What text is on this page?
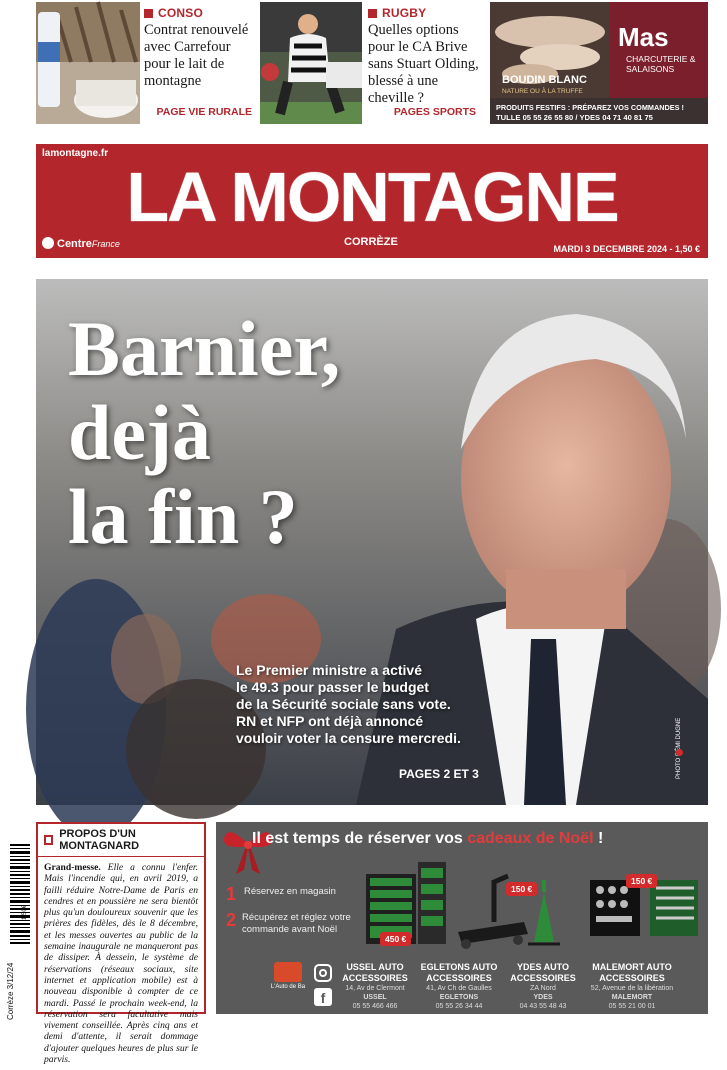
CONSO
Contrat renouvelé avec Carrefour pour le lait de montagne
PAGE VIE RURALE
RUGBY
Quelles options pour le CA Brive sans Stuart Olding, blessé à une cheville ?
PAGES SPORTS
Mas
CHARCUTERIE & SALAISONS
BOUDIN BLANC
NATURE OU À LA TRUFFE
PRODUITS FESTIFS : PRÉPAREZ VOS COMMANDES !
TULLE 05 55 26 55 80 / YDES 04 71 40 81 75
lamontagne.fr
LA MONTAGNE
CentreFrance	CORRÈZE
MARDI 3 DECEMBRE 2024 - 1,50 €
Barnier,
dejà
la fin ?
Le Premier ministre a activé
le 49.3 pour passer le budget
de la Sécurité sociale sans vote.
RN et NFP ont déjà annoncé
vouloir voter la censure mercredi.
PAGES 2 ET 3
Corrèze 3/12/24
1,50€
PROPOS D'UN MONTAGNARD
Grand-messe. Elle a connu l'enfer. Mais l'incendie qui, en avril 2019, a failli réduire Notre-Dame de Paris en cendres et en poussière ne sera bientôt plus qu'un douloureux souvenir que les prières des fidèles, dès le 8 décembre, et les messes ouvertes au public de la semaine inaugurale ne manqueront pas de dissiper. À dessein, le système de réservations (réseaux sociaux, site internet et application mobile) est à nouveau disponible à compter de ce mardi. Passé le prochain week-end, la réservation sera facultative mais vivement conseillée. Après cinq ans et demi d'attente, il serait dommage d'ajouter quelques heures de plus sur le parvis.
Il est temps de réserver vos cadeaux de Noël !
1 Réservez en magasin
2 Récupérez et réglez votre commande avant Noël
450 €
150 €
150 €
L'Auto de Ba
f
USSEL AUTO ACCESSOIRES
14, Av de Clermont
USSEL
05 55 466 466
EGLETONS AUTO ACCESSOIRES
41, Av Ch de Gaulles
EGLETONS
05 55 26 34 44
YDES AUTO ACCESSOIRES
ZA Nord
YDES
04 43 55 48 43
MALEMORT AUTO ACCESSOIRES
52, Avenue de la libération
MALEMORT
05 55 21 00 01
